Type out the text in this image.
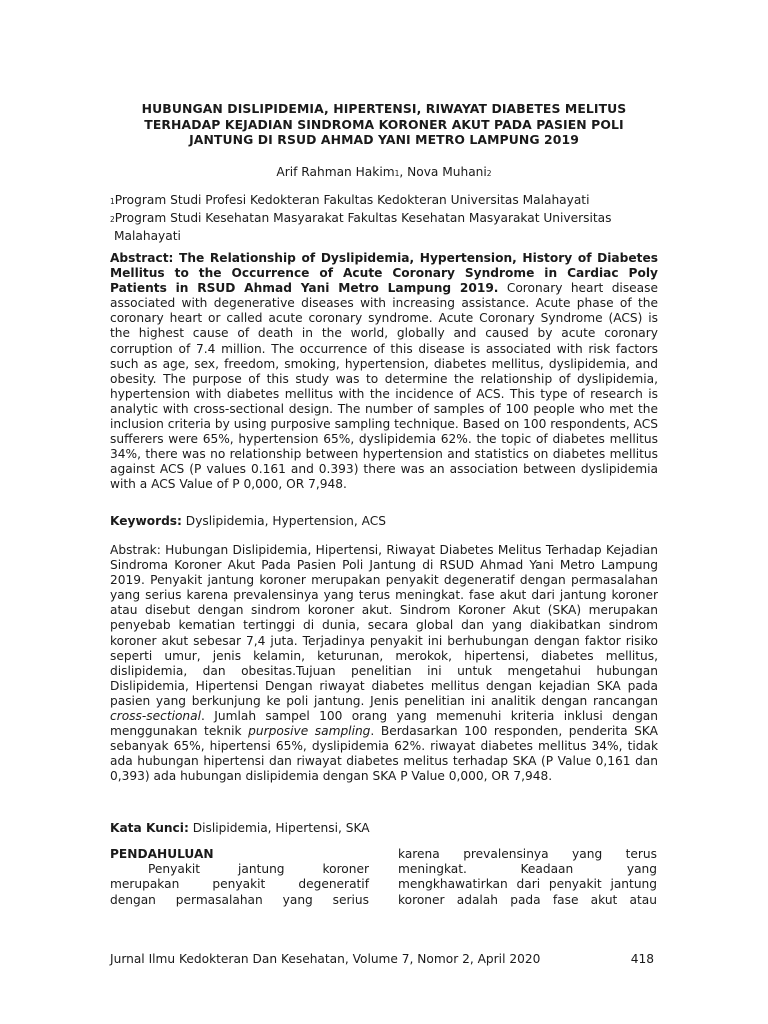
HUBUNGAN DISLIPIDEMIA, HIPERTENSI, RIWAYAT DIABETES MELITUS
TERHADAP KEJADIAN SINDROMA KORONER AKUT PADA PASIEN POLI
JANTUNG DI RSUD AHMAD YANI METRO LAMPUNG 2019
Arif Rahman Hakim1, Nova Muhani2
1Program Studi Profesi Kedokteran Fakultas Kedokteran Universitas Malahayati
2Program Studi Kesehatan Masyarakat Fakultas Kesehatan Masyarakat Universitas
Malahayati
Abstract: The Relationship of Dyslipidemia, Hypertension, History of Diabetes Mellitus to the Occurrence of Acute Coronary Syndrome in Cardiac Poly Patients in RSUD Ahmad Yani Metro Lampung 2019. Coronary heart disease associated with degenerative diseases with increasing assistance. Acute phase of the coronary heart or called acute coronary syndrome. Acute Coronary Syndrome (ACS) is the highest cause of death in the world, globally and caused by acute coronary corruption of 7.4 million. The occurrence of this disease is associated with risk factors such as age, sex, freedom, smoking, hypertension, diabetes mellitus, dyslipidemia, and obesity. The purpose of this study was to determine the relationship of dyslipidemia, hypertension with diabetes mellitus with the incidence of ACS. This type of research is analytic with cross-sectional design. The number of samples of 100 people who met the inclusion criteria by using purposive sampling technique. Based on 100 respondents, ACS sufferers were 65%, hypertension 65%, dyslipidemia 62%. the topic of diabetes mellitus 34%, there was no relationship between hypertension and statistics on diabetes mellitus against ACS (P values 0.161 and 0.393) there was an association between dyslipidemia with a ACS Value of P 0,000, OR 7,948.
Keywords: Dyslipidemia, Hypertension, ACS
Abstrak: Hubungan Dislipidemia, Hipertensi, Riwayat Diabetes Melitus Terhadap Kejadian Sindroma Koroner Akut Pada Pasien Poli Jantung di RSUD Ahmad Yani Metro Lampung 2019. Penyakit jantung koroner merupakan penyakit degeneratif dengan permasalahan yang serius karena prevalensinya yang terus meningkat. fase akut dari jantung koroner atau disebut dengan sindrom koroner akut. Sindrom Koroner Akut (SKA) merupakan penyebab kematian tertinggi di dunia, secara global dan yang diakibatkan sindrom koroner akut sebesar 7,4 juta. Terjadinya penyakit ini berhubungan dengan faktor risiko seperti umur, jenis kelamin, keturunan, merokok, hipertensi, diabetes mellitus, dislipidemia, dan obesitas.Tujuan penelitian ini untuk mengetahui hubungan Dislipidemia, Hipertensi Dengan riwayat diabetes mellitus dengan kejadian SKA pada pasien yang berkunjung ke poli jantung. Jenis penelitian ini analitik dengan rancangan cross-sectional. Jumlah sampel 100 orang yang memenuhi kriteria inklusi dengan menggunakan teknik purposive sampling. Berdasarkan 100 responden, penderita SKA sebanyak 65%, hipertensi 65%, dyslipidemia 62%. riwayat diabetes mellitus 34%, tidak ada hubungan hipertensi dan riwayat diabetes melitus terhadap SKA (P Value 0,161 dan 0,393) ada hubungan dislipidemia dengan SKA P Value 0,000, OR 7,948.
Kata Kunci: Dislipidemia, Hipertensi, SKA
PENDAHULUAN
Penyakit jantung koroner
merupakan penyakit degeneratif
dengan permasalahan yang serius
karena prevalensinya yang terus
meningkat. Keadaan yang
mengkhawatirkan dari penyakit jantung
koroner adalah pada fase akut atau
Jurnal Ilmu Kedokteran Dan Kesehatan, Volume 7, Nomor 2, April 2020	418
